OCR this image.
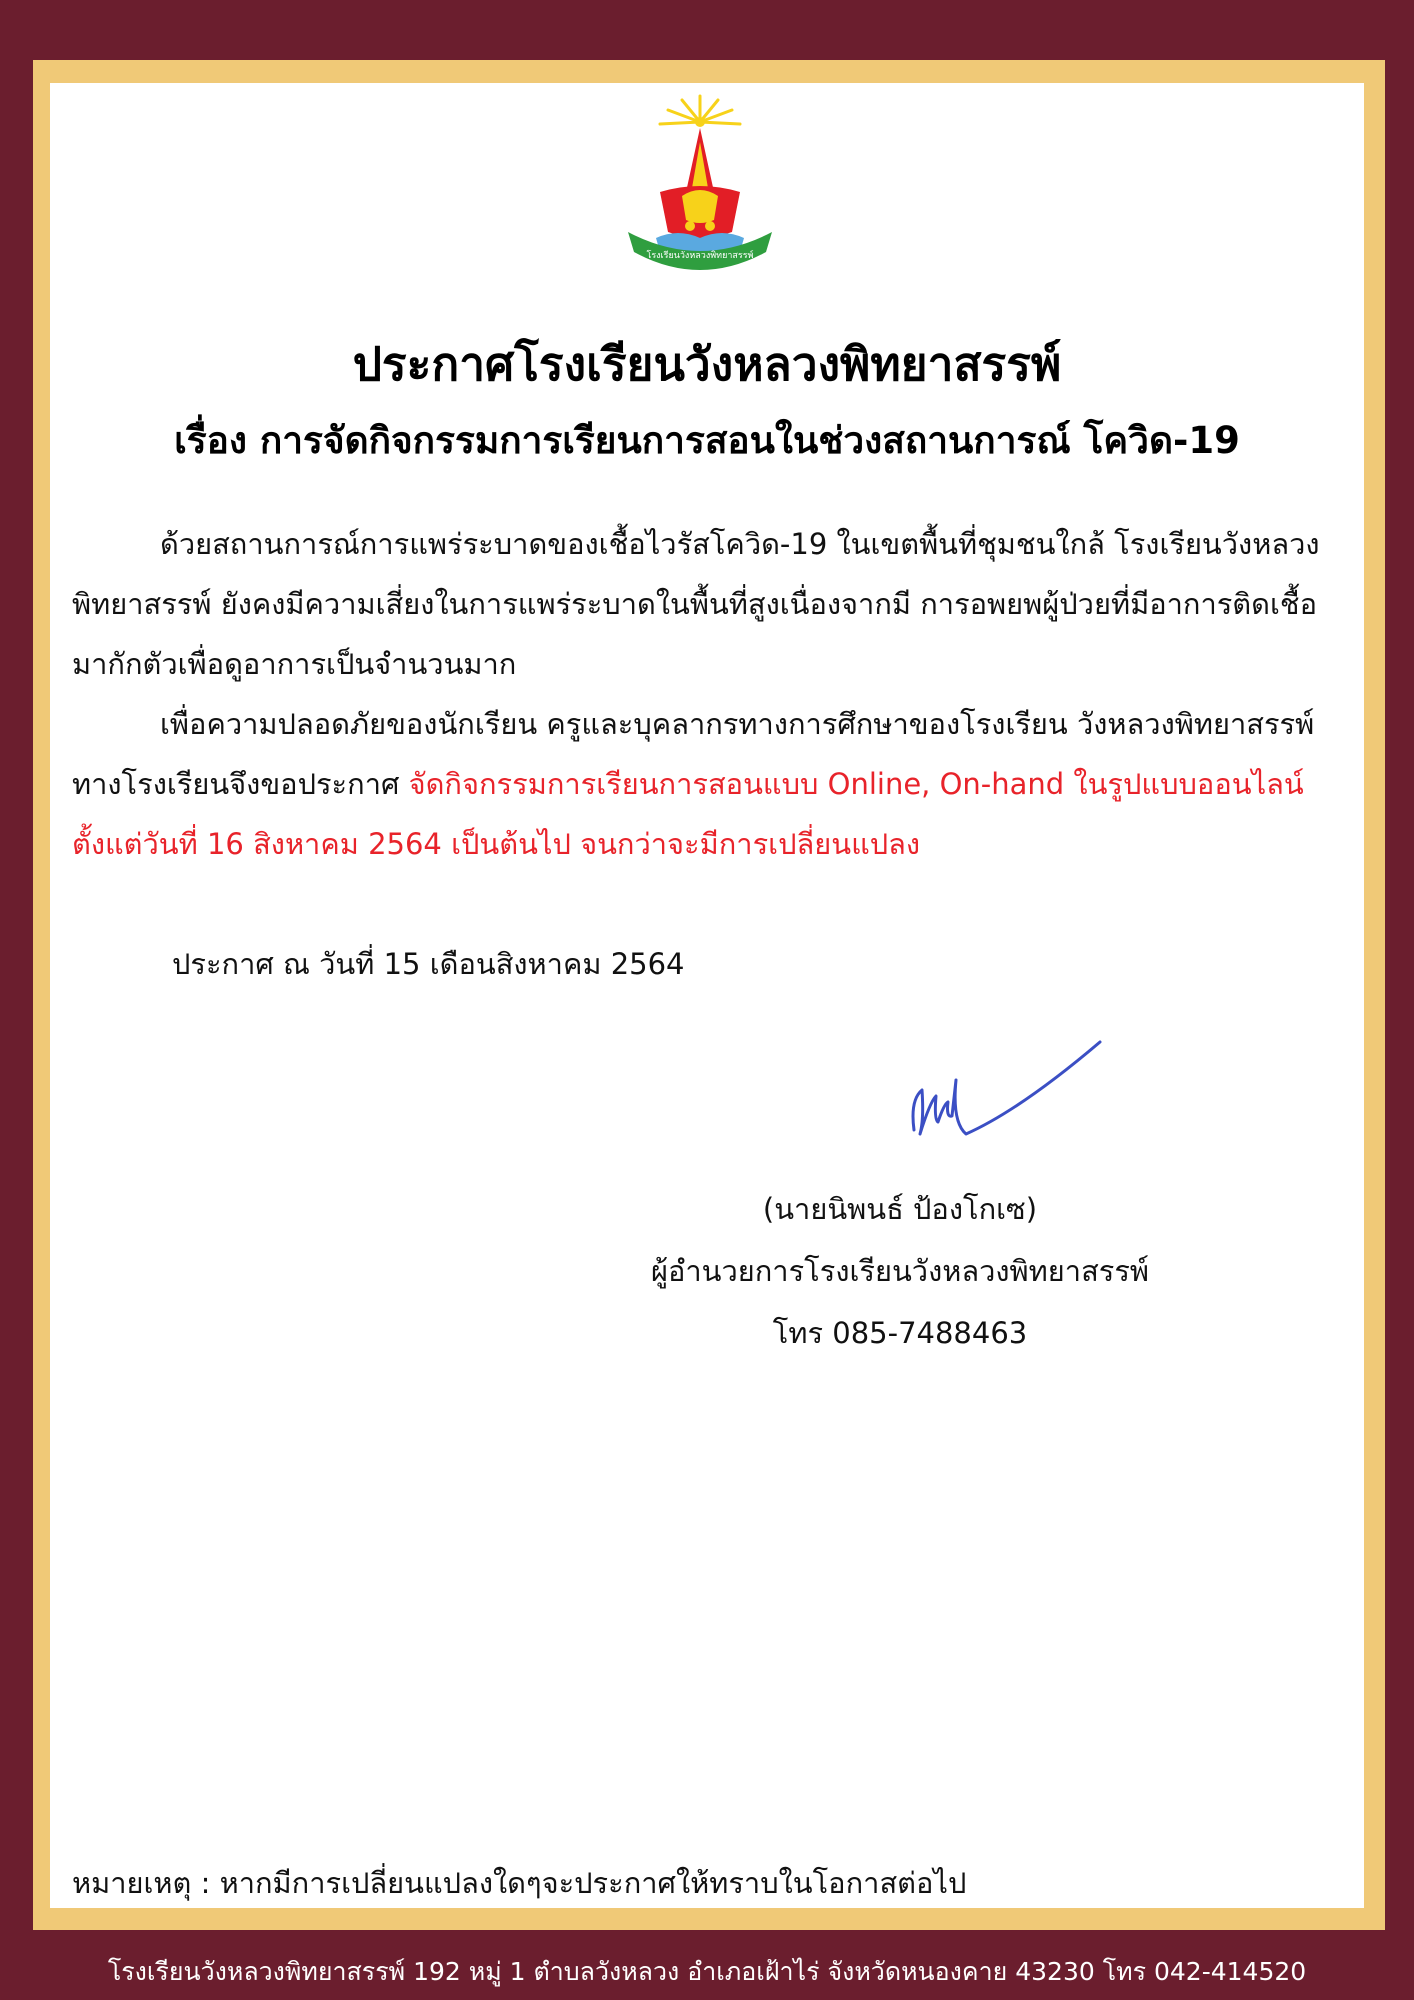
โรงเรียนวังหลวงพิทยาสรรพ์
ประกาศโรงเรียนวังหลวงพิทยาสรรพ์
เรื่อง การจัดกิจกรรมการเรียนการสอนในช่วงสถานการณ์ โควิด-19

ด้วยสถานการณ์การแพร่ระบาดของเชื้อไวรัสโควิด-19 ในเขตพื้นที่ชุมชนใกล้ โรงเรียนวังหลวงพิทยาสรรพ์ ยังคงมีความเสี่ยงในการแพร่ระบาดในพื้นที่สูงเนื่องจากมี การอพยพผู้ป่วยที่มีอาการติดเชื้อมากักตัวเพื่อดูอาการเป็นจำนวนมาก

เพื่อความปลอดภัยของนักเรียน ครูและบุคลากรทางการศึกษาของโรงเรียน วังหลวงพิทยาสรรพ์ ทางโรงเรียนจึงขอประกาศ จัดกิจกรรมการเรียนการสอนแบบ Online, On-hand ในรูปแบบออนไลน์ ตั้งแต่วันที่ 16 สิงหาคม 2564 เป็นต้นไป จนกว่าจะมีการเปลี่ยนแปลง

ประกาศ ณ วันที่ 15 เดือนสิงหาคม 2564
(นายนิพนธ์ ป้องโกเซ)
ผู้อำนวยการโรงเรียนวังหลวงพิทยาสรรพ์
โทร 085-7488463
หมายเหตุ : หากมีการเปลี่ยนแปลงใดๆจะประกาศให้ทราบในโอกาสต่อไป
โรงเรียนวังหลวงพิทยาสรรพ์ 192 หมู่ 1 ตำบลวังหลวง อำเภอเฝ้าไร่ จังหวัดหนองคาย 43230 โทร 042-414520
